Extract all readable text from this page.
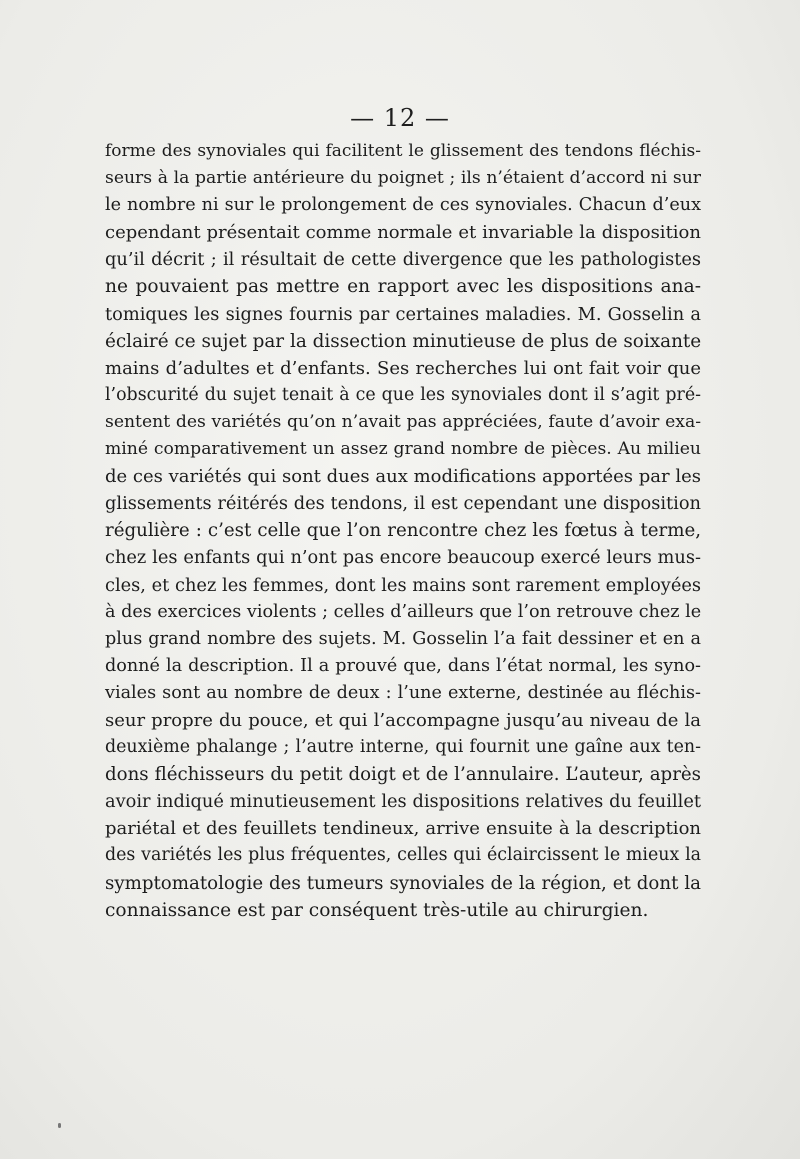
— 12 —
forme des synoviales qui facilitent le glissement des tendons fléchis-
seurs à la partie antérieure du poignet ; ils n’étaient d’accord ni sur
le nombre ni sur le prolongement de ces synoviales. Chacun d’eux
cependant présentait comme normale et invariable la disposition
qu’il décrit ; il résultait de cette divergence que les pathologistes
ne pouvaient pas mettre en rapport avec les dispositions ana-
tomiques les signes fournis par certaines maladies. M. Gosselin a
éclairé ce sujet par la dissection minutieuse de plus de soixante
mains d’adultes et d’enfants. Ses recherches lui ont fait voir que
l’obscurité du sujet tenait à ce que les synoviales dont il s’agit pré-
sentent des variétés qu’on n’avait pas appréciées, faute d’avoir exa-
miné comparativement un assez grand nombre de pièces. Au milieu
de ces variétés qui sont dues aux modifications apportées par les
glissements réitérés des tendons, il est cependant une disposition
régulière : c’est celle que l’on rencontre chez les fœtus à terme,
chez les enfants qui n’ont pas encore beaucoup exercé leurs mus-
cles, et chez les femmes, dont les mains sont rarement employées
à des exercices violents ; celles d’ailleurs que l’on retrouve chez le
plus grand nombre des sujets. M. Gosselin l’a fait dessiner et en a
donné la description. Il a prouvé que, dans l’état normal, les syno-
viales sont au nombre de deux : l’une externe, destinée au fléchis-
seur propre du pouce, et qui l’accompagne jusqu’au niveau de la
deuxième phalange ; l’autre interne, qui fournit une gaîne aux ten-
dons fléchisseurs du petit doigt et de l’annulaire. L’auteur, après
avoir indiqué minutieusement les dispositions relatives du feuillet
pariétal et des feuillets tendineux, arrive ensuite à la description
des variétés les plus fréquentes, celles qui éclaircissent le mieux la
symptomatologie des tumeurs synoviales de la région, et dont la
connaissance est par conséquent très-utile au chirurgien.
